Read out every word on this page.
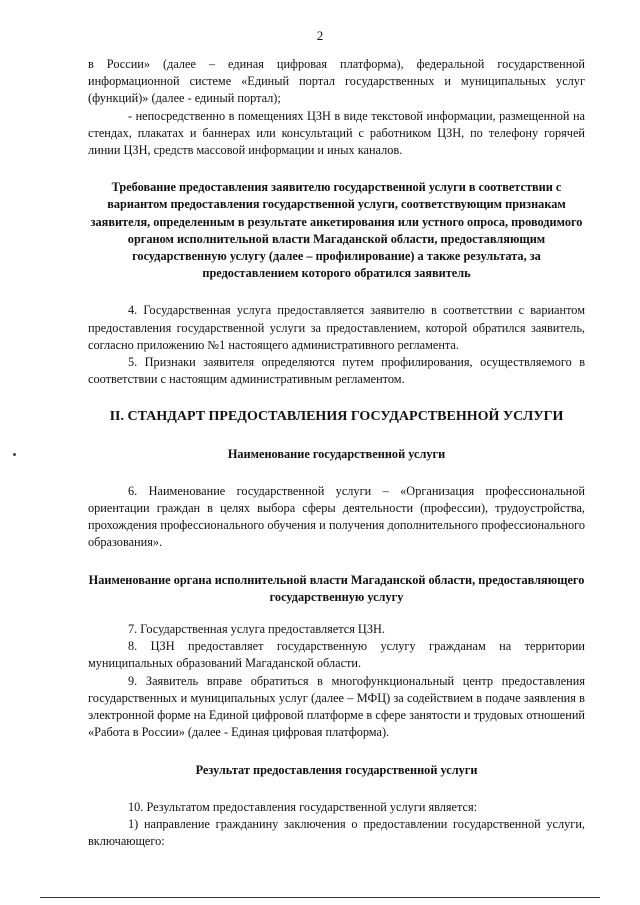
2

в России» (далее – единая цифровая платформа), федеральной государственной информационной системе «Единый портал государственных и муниципальных услуг (функций)» (далее - единый портал);

- непосредственно в помещениях ЦЗН в виде текстовой информации, размещенной на стендах, плакатах и баннерах или консультаций с работником ЦЗН, по телефону горячей линии ЦЗН, средств массовой информации и иных каналов.

Требование предоставления заявителю государственной услуги в соответствии с вариантом предоставления государственной услуги, соответствующим признакам заявителя, определенным в результате анкетирования или устного опроса, проводимого органом исполнительной власти Магаданской области, предоставляющим государственную услугу (далее – профилирование) а также результата, за предоставлением которого обратился заявитель

4. Государственная услуга предоставляется заявителю в соответствии с вариантом предоставления государственной услуги за предоставлением, которой обратился заявитель, согласно приложению №1 настоящего административного регламента.

5. Признаки заявителя определяются путем профилирования, осуществляемого в соответствии с настоящим административным регламентом.

II. СТАНДАРТ ПРЕДОСТАВЛЕНИЯ ГОСУДАРСТВЕННОЙ УСЛУГИ

Наименование государственной услуги

6. Наименование государственной услуги – «Организация профессиональной ориентации граждан в целях выбора сферы деятельности (профессии), трудоустройства, прохождения профессионального обучения и получения дополнительного профессионального образования».

Наименование органа исполнительной власти Магаданской области, предоставляющего государственную услугу

7. Государственная услуга предоставляется ЦЗН.

8. ЦЗН предоставляет государственную услугу гражданам на территории муниципальных образований Магаданской области.

9. Заявитель вправе обратиться в многофункциональный центр предоставления государственных и муниципальных услуг (далее – МФЦ) за содействием в подаче заявления в электронной форме на Единой цифровой платформе в сфере занятости и трудовых отношений «Работа в России» (далее - Единая цифровая платформа).

Результат предоставления государственной услуги

10. Результатом предоставления государственной услуги является:

1) направление гражданину заключения о предоставлении государственной услуги, включающего:
